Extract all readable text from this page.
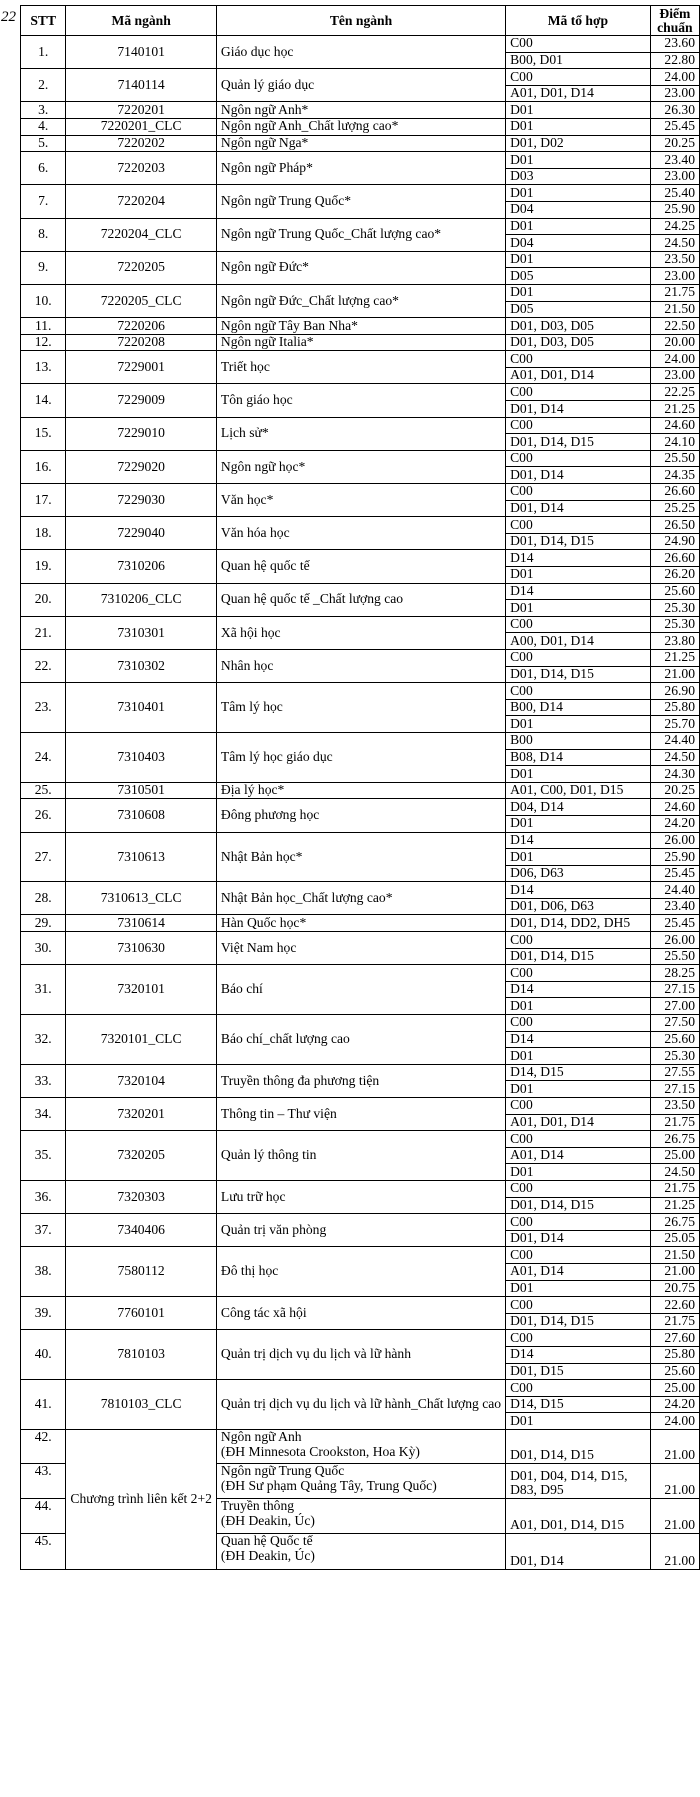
22 STT	Mã ngành	Tên ngành	Mã tổ hợp	Điểm
chuẩn
1.	7140101	Giáo dục học	C00	23.60
			B00, D01	22.80
2.	7140114	Quản lý giáo dục	C00	24.00
			A01, D01, D14	23.00
3.	7220201	Ngôn ngữ Anh*	D01	26.30
4.	7220201_CLC	Ngôn ngữ Anh_Chất lượng cao*	D01	25.45
5.	7220202	Ngôn ngữ Nga*	D01, D02	20.25
6.	7220203	Ngôn ngữ Pháp*	D01	23.40
			D03	23.00
7.	7220204	Ngôn ngữ Trung Quốc*	D01	25.40
			D04	25.90
8.	7220204_CLC	Ngôn ngữ Trung Quốc_Chất lượng cao*	D01	24.25
			D04	24.50
9.	7220205	Ngôn ngữ Đức*	D01	23.50
			D05	23.00
10.	7220205_CLC	Ngôn ngữ Đức_Chất lượng cao*	D01	21.75
			D05	21.50
11.	7220206	Ngôn ngữ Tây Ban Nha*	D01, D03, D05	22.50
12.	7220208	Ngôn ngữ Italia*	D01, D03, D05	20.00
13.	7229001	Triết học	C00	24.00
			A01, D01, D14	23.00
14.	7229009	Tôn giáo học	C00	22.25
			D01, D14	21.25
15.	7229010	Lịch sử*	C00	24.60
			D01, D14, D15	24.10
16.	7229020	Ngôn ngữ học*	C00	25.50
			D01, D14	24.35
17.	7229030	Văn học*	C00	26.60
			D01, D14	25.25
18.	7229040	Văn hóa học	C00	26.50
			D01, D14, D15	24.90
19.	7310206	Quan hệ quốc tế	D14	26.60
			D01	26.20
20.	7310206_CLC	Quan hệ quốc tế _Chất lượng cao	D14	25.60
			D01	25.30
21.	7310301	Xã hội học	C00	25.30
			A00, D01, D14	23.80
22.	7310302	Nhân học	C00	21.25
			D01, D14, D15	21.00
23.	7310401	Tâm lý học	C00	26.90
			B00, D14	25.80
			D01	25.70
24.	7310403	Tâm lý học giáo dục	B00	24.40
			B08, D14	24.50
			D01	24.30
25.	7310501	Địa lý học*	A01, C00, D01, D15	20.25
26.	7310608	Đông phương học	D04, D14	24.60
			D01	24.20
27.	7310613	Nhật Bản học*	D14	26.00
			D01	25.90
			D06, D63	25.45
28.	7310613_CLC	Nhật Bản học_Chất lượng cao*	D14	24.40
			D01, D06, D63	23.40
29.	7310614	Hàn Quốc học*	D01, D14, DD2, DH5	25.45
30.	7310630	Việt Nam học	C00	26.00
			D01, D14, D15	25.50
31.	7320101	Báo chí	C00	28.25
			D14	27.15
			D01	27.00
32.	7320101_CLC	Báo chí_chất lượng cao	C00	27.50
			D14	25.60
			D01	25.30
33.	7320104	Truyền thông đa phương tiện	D14, D15	27.55
			D01	27.15
34.	7320201	Thông tin – Thư viện	C00	23.50
			A01, D01, D14	21.75
35.	7320205	Quản lý thông tin	C00	26.75
			A01, D14	25.00
			D01	24.50
36.	7320303	Lưu trữ học	C00	21.75
			D01, D14, D15	21.25
37.	7340406	Quản trị văn phòng	C00	26.75
			D01, D14	25.05
38.	7580112	Đô thị học	C00	21.50
			A01, D14	21.00
			D01	20.75
39.	7760101	Công tác xã hội	C00	22.60
			D01, D14, D15	21.75
40.	7810103	Quản trị dịch vụ du lịch và lữ hành	C00	27.60
			D14	25.80
			D01, D15	25.60
41.	7810103_CLC	Quản trị dịch vụ du lịch và lữ hành_Chất lượng cao	C00	25.00
			D14, D15	24.20
			D01	24.00
42.	Chương trình liên kết 2+2	Ngôn ngữ Anh
(ĐH Minnesota Crookston, Hoa Kỳ)	D01, D14, D15	21.00
43.		Ngôn ngữ Trung Quốc
(ĐH Sư phạm Quảng Tây, Trung Quốc)	D01, D04, D14, D15,
D83, D95	21.00
44.		Truyền thông
(ĐH Deakin, Úc)	A01, D01, D14, D15	21.00
45.		Quan hệ Quốc tế
(ĐH Deakin, Úc)	D01, D14	21.00
